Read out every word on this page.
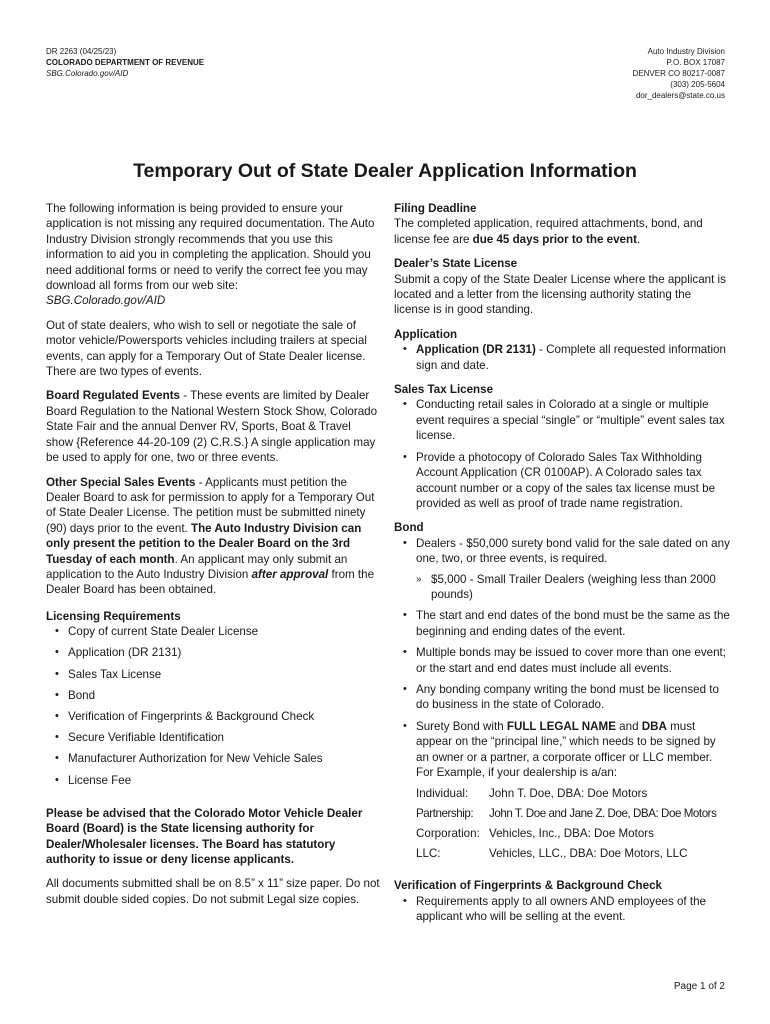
DR 2263 (04/25/23)
COLORADO DEPARTMENT OF REVENUE
SBG.Colorado.gov/AID
Auto Industry Division
P.O. BOX 17087
DENVER CO 80217-0087
(303) 205-5604
dor_dealers@state.co.us
Temporary Out of State Dealer Application Information

The following information is being provided to ensure your application is not missing any required documentation. The Auto Industry Division strongly recommends that you use this information to aid you in completing the application. Should you need additional forms or need to verify the correct fee you may download all forms from our web site:
SBG.Colorado.gov/AID

Out of state dealers, who wish to sell or negotiate the sale of motor vehicle/Powersports vehicles including trailers at special events, can apply for a Temporary Out of State Dealer license. There are two types of events.

Board Regulated Events - These events are limited by Dealer Board Regulation to the National Western Stock Show, Colorado State Fair and the annual Denver RV, Sports, Boat & Travel show {Reference 44-20-109 (2) C.R.S.} A single application may be used to apply for one, two or three events.

Other Special Sales Events - Applicants must petition the Dealer Board to ask for permission to apply for a Temporary Out of State Dealer License. The petition must be submitted ninety (90) days prior to the event. The Auto Industry Division can only present the petition to the Dealer Board on the 3rd Tuesday of each month. An applicant may only submit an application to the Auto Industry Division after approval from the Dealer Board has been obtained.

Licensing Requirements
• Copy of current State Dealer License
• Application (DR 2131)
• Sales Tax License
• Bond
• Verification of Fingerprints & Background Check
• Secure Verifiable Identification
• Manufacturer Authorization for New Vehicle Sales
• License Fee

Please be advised that the Colorado Motor Vehicle Dealer Board (Board) is the State licensing authority for Dealer/Wholesaler licenses. The Board has statutory authority to issue or deny license applicants.

All documents submitted shall be on 8.5” x 11” size paper. Do not submit double sided copies. Do not submit Legal size copies.

Filing Deadline

The completed application, required attachments, bond, and license fee are due 45 days prior to the event.

Dealer’s State License

Submit a copy of the State Dealer License where the applicant is located and a letter from the licensing authority stating the license is in good standing.

Application
• Application (DR 2131) - Complete all requested information sign and date.
Sales Tax License
• Conducting retail sales in Colorado at a single or multiple event requires a special “single” or “multiple” event sales tax license.
• Provide a photocopy of Colorado Sales Tax Withholding Account Application (CR 0100AP). A Colorado sales tax account number or a copy of the sales tax license must be provided as well as proof of trade name registration.
Bond
• Dealers - $50,000 surety bond valid for the sale dated on any one, two, or three events, is required.
» $5,000 - Small Trailer Dealers (weighing less than 2000 pounds)
• The start and end dates of the bond must be the same as the beginning and ending dates of the event.
• Multiple bonds may be issued to cover more than one event; or the start and end dates must include all events.
• Any bonding company writing the bond must be licensed to do business in the state of Colorado.
• Surety Bond with FULL LEGAL NAME and DBA must appear on the “principal line,” which needs to be signed by an owner or a partner, a corporate officer or LLC member. For Example, if your dealership is a/an:
Individual:	John T. Doe, DBA: Doe Motors
Partnership:	John T. Doe and Jane Z. Doe, DBA: Doe Motors
Corporation:	Vehicles, Inc., DBA: Doe Motors
LLC:	Vehicles, LLC., DBA: Doe Motors, LLC
Verification of Fingerprints & Background Check
• Requirements apply to all owners AND employees of the applicant who will be selling at the event.
Page 1 of 2
